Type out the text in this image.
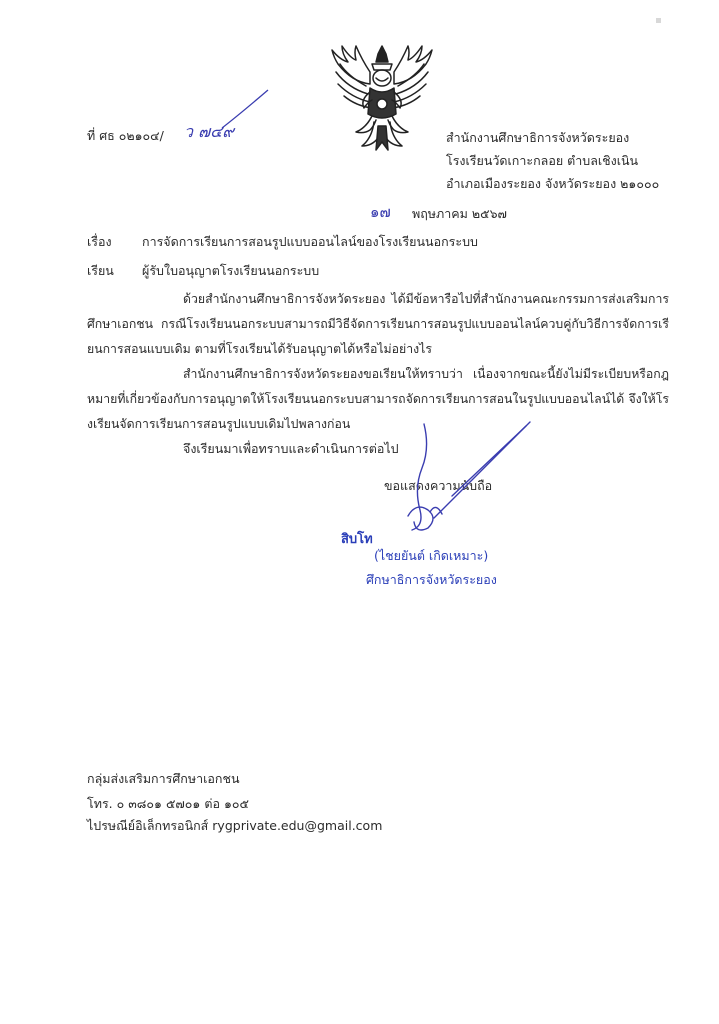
ที่ ศธ ๐๒๑๐๔/ ว ๗๔๙	สำนักงานศึกษาธิการจังหวัดระยอง
โรงเรียนวัดเกาะกลอย ตำบลเชิงเนิน
อำเภอเมืองระยอง จังหวัดระยอง ๒๑๐๐๐
๑๗ พฤษภาคม ๒๕๖๗
เรื่อง การจัดการเรียนการสอนรูปแบบออนไลน์ของโรงเรียนนอกระบบ
เรียน ผู้รับใบอนุญาตโรงเรียนนอกระบบ
ด้วยสำนักงานศึกษาธิการจังหวัดระยอง ได้มีข้อหารือไปที่สำนักงานคณะกรรมการส่งเสริมการศึกษาเอกชน กรณีโรงเรียนนอกระบบสามารถมีวิธีจัดการเรียนการสอนรูปแบบออนไลน์ควบคู่กับวิธีการจัดการเรียนการสอนแบบเดิม ตามที่โรงเรียนได้รับอนุญาตได้หรือไม่อย่างไร
สำนักงานศึกษาธิการจังหวัดระยองขอเรียนให้ทราบว่า เนื่องจากขณะนี้ยังไม่มีระเบียบหรือกฎหมายที่เกี่ยวข้องกับการอนุญาตให้โรงเรียนนอกระบบสามารถจัดการเรียนการสอนในรูปแบบออนไลน์ได้ จึงให้โรงเรียนจัดการเรียนการสอนรูปแบบเดิมไปพลางก่อน
จึงเรียนมาเพื่อทราบและดำเนินการต่อไป
ขอแสดงความนับถือ
สิบโท
(ไชยยันต์ เกิดเหมาะ)
ศึกษาธิการจังหวัดระยอง
กลุ่มส่งเสริมการศึกษาเอกชน
โทร. ๐ ๓๘๐๑ ๕๗๐๑ ต่อ ๑๐๕
ไปรษณีย์อิเล็กทรอนิกส์ rygprivate.edu@gmail.com
